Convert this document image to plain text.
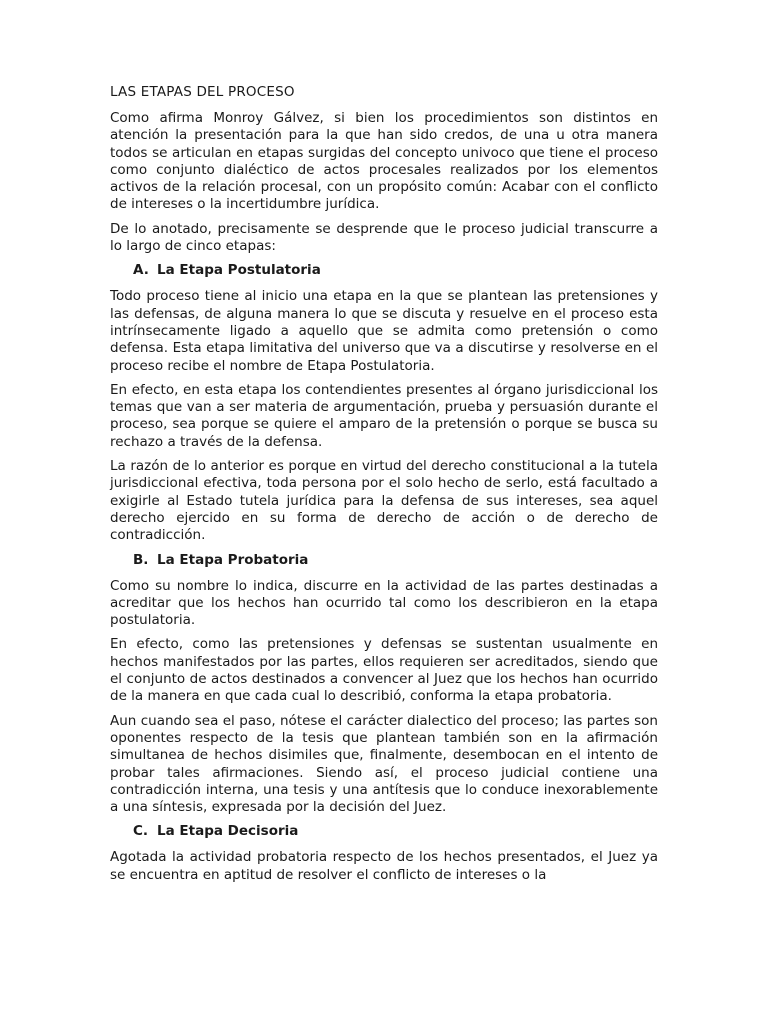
LAS ETAPAS DEL PROCESO

Como afirma Monroy Gálvez, si bien los procedimientos son distintos en atención la presentación para la que han sido credos, de una u otra manera todos se articulan en etapas surgidas del concepto univoco que tiene el proceso como conjunto dialéctico de actos procesales realizados por los elementos activos de la relación procesal, con un propósito común: Acabar con el conflicto de intereses o la incertidumbre jurídica.

De lo anotado, precisamente se desprende que le proceso judicial transcurre a lo largo de cinco etapas:

A. La Etapa Postulatoria

Todo proceso tiene al inicio una etapa en la que se plantean las pretensiones y las defensas, de alguna manera lo que se discuta y resuelve en el proceso esta intrínsecamente ligado a aquello que se admita como pretensión o como defensa. Esta etapa limitativa del universo que va a discutirse y resolverse en el proceso recibe el nombre de Etapa Postulatoria.

En efecto, en esta etapa los contendientes presentes al órgano jurisdiccional los temas que van a ser materia de argumentación, prueba y persuasión durante el proceso, sea porque se quiere el amparo de la pretensión o porque se busca su rechazo a través de la defensa.

La razón de lo anterior es porque en virtud del derecho constitucional a la tutela jurisdiccional efectiva, toda persona por el solo hecho de serlo, está facultado a exigirle al Estado tutela jurídica para la defensa de sus intereses, sea aquel derecho ejercido en su forma de derecho de acción o de derecho de contradicción.

B. La Etapa Probatoria

Como su nombre lo indica, discurre en la actividad de las partes destinadas a acreditar que los hechos han ocurrido tal como los describieron en la etapa postulatoria.

En efecto, como las pretensiones y defensas se sustentan usualmente en hechos manifestados por las partes, ellos requieren ser acreditados, siendo que el conjunto de actos destinados a convencer al Juez que los hechos han ocurrido de la manera en que cada cual lo describió, conforma la etapa probatoria.

Aun cuando sea el paso, nótese el carácter dialectico del proceso; las partes son oponentes respecto de la tesis que plantean también son en la afirmación simultanea de hechos disimiles que, finalmente, desembocan en el intento de probar tales afirmaciones. Siendo así, el proceso judicial contiene una contradicción interna, una tesis y una antítesis que lo conduce inexorablemente a una síntesis, expresada por la decisión del Juez.

C. La Etapa Decisoria

Agotada la actividad probatoria respecto de los hechos presentados, el Juez ya se encuentra en aptitud de resolver el conflicto de intereses o la
